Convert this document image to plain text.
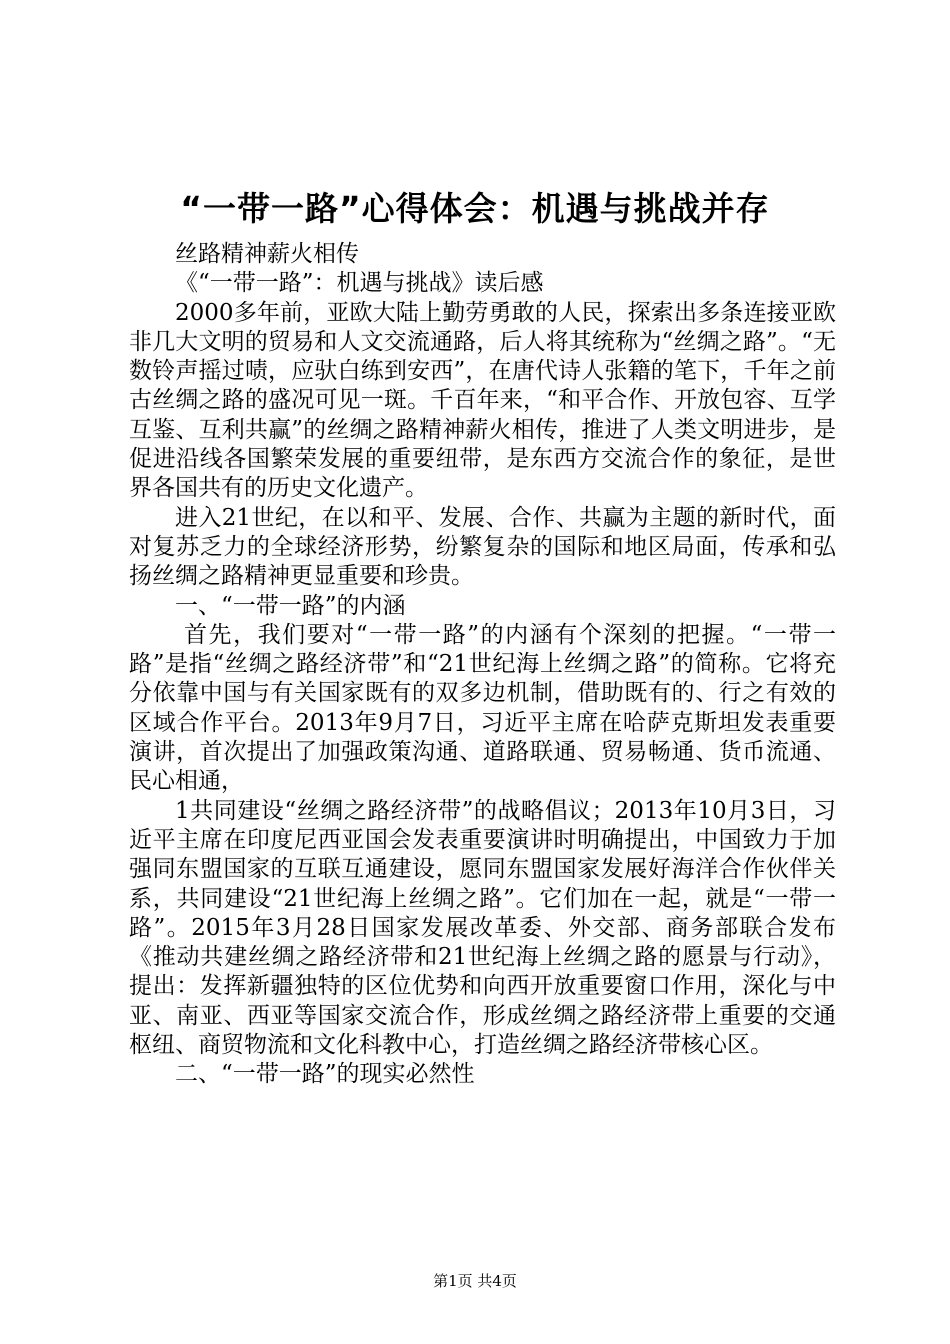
“一带一路”心得体会：机遇与挑战并存

丝路精神薪火相传

《“一带一路”：机遇与挑战》读后感

2000多年前，亚欧大陆上勤劳勇敢的人民，探索出多条连接亚欧非几大文明的贸易和人文交流通路，后人将其统称为“丝绸之路”。“无数铃声摇过啧，应驮白练到安西”，在唐代诗人张籍的笔下，千年之前古丝绸之路的盛况可见一斑。千百年来，“和平合作、开放包容、互学互鉴、互利共赢”的丝绸之路精神薪火相传，推进了人类文明进步，是促进沿线各国繁荣发展的重要纽带，是东西方交流合作的象征，是世界各国共有的历史文化遗产。

进入21世纪，在以和平、发展、合作、共赢为主题的新时代，面对复苏乏力的全球经济形势，纷繁复杂的国际和地区局面，传承和弘扬丝绸之路精神更显重要和珍贵。

一、“一带一路”的内涵

首先，我们要对“一带一路”的内涵有个深刻的把握。“一带一路”是指“丝绸之路经济带”和“21世纪海上丝绸之路”的简称。它将充分依靠中国与有关国家既有的双多边机制，借助既有的、行之有效的区域合作平台。2013年9月7日，习近平主席在哈萨克斯坦发表重要演讲，首次提出了加强政策沟通、道路联通、贸易畅通、货币流通、民心相通，

1共同建设“丝绸之路经济带”的战略倡议；2013年10月3日，习近平主席在印度尼西亚国会发表重要演讲时明确提出，中国致力于加强同东盟国家的互联互通建设，愿同东盟国家发展好海洋合作伙伴关系，共同建设“21世纪海上丝绸之路”。它们加在一起，就是“一带一路”。2015年3月28日国家发展改革委、外交部、商务部联合发布《推动共建丝绸之路经济带和21世纪海上丝绸之路的愿景与行动》，提出：发挥新疆独特的区位优势和向西开放重要窗口作用，深化与中亚、南亚、西亚等国家交流合作，形成丝绸之路经济带上重要的交通枢纽、商贸物流和文化科教中心，打造丝绸之路经济带核心区。

二、“一带一路”的现实必然性

第1页 共4页
